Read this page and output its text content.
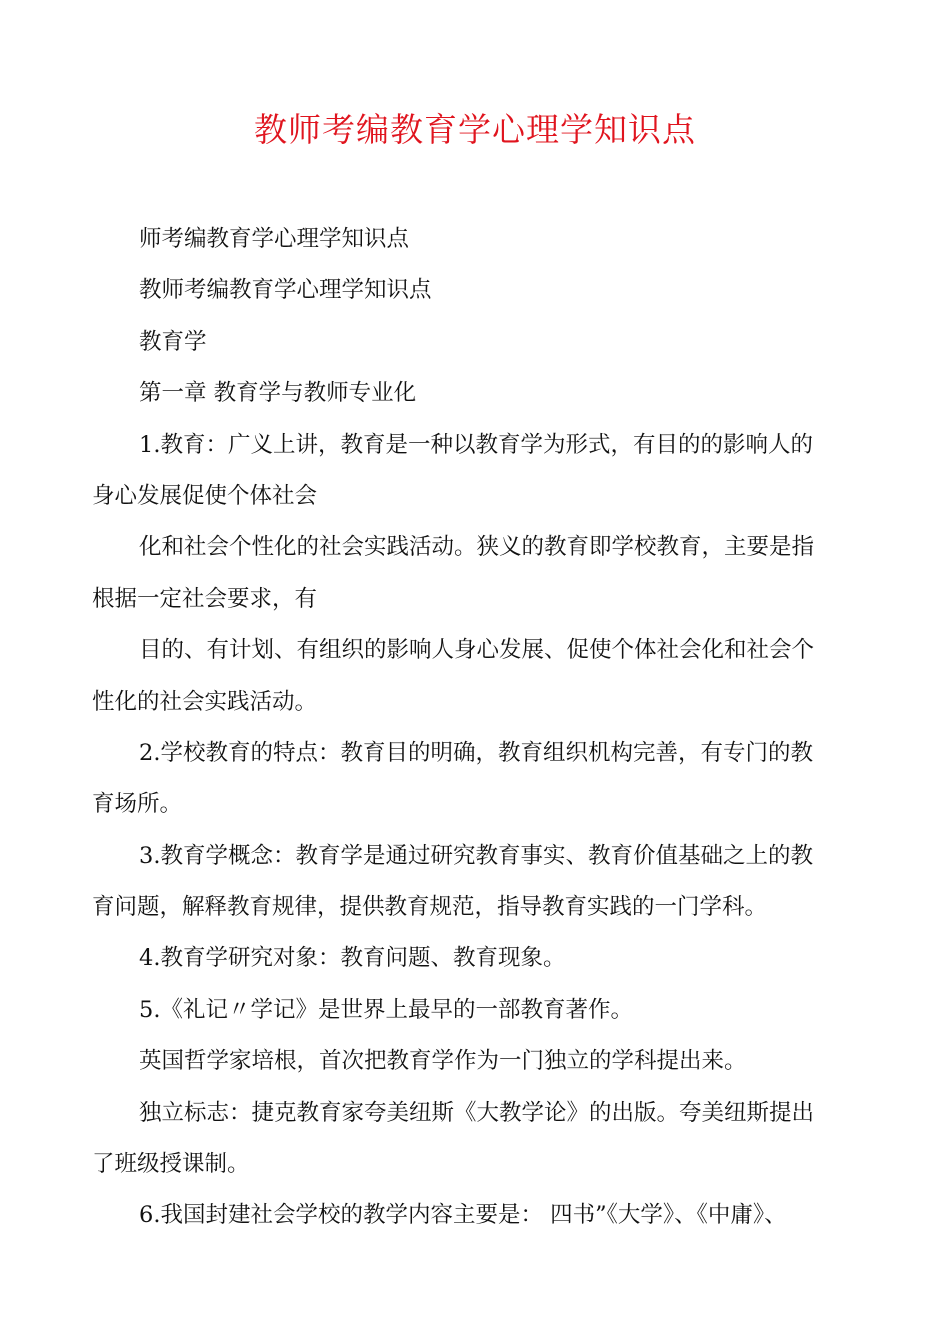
教师考编教育学心理学知识点
师考编教育学心理学知识点
教师考编教育学心理学知识点
教育学
第一章 教育学与教师专业化
1.教育：广义上讲，教育是一种以教育学为形式，有目的的影响人的
身心发展促使个体社会
化和社会个性化的社会实践活动。狭义的教育即学校教育，主要是指
根据一定社会要求，有
目的、有计划、有组织的影响人身心发展、促使个体社会化和社会个
性化的社会实践活动。
2.学校教育的特点：教育目的明确，教育组织机构完善，有专门的教
育场所。
3.教育学概念：教育学是通过研究教育事实、教育价值基础之上的教
育问题，解释教育规律，提供教育规范，指导教育实践的一门学科。
4.教育学研究对象：教育问题、教育现象。
5.《礼记〃学记》是世界上最早的一部教育著作。
英国哲学家培根，首次把教育学作为一门独立的学科提出来。
独立标志：捷克教育家夸美纽斯《大教学论》的出版。夸美纽斯提出
了班级授课制。
6.我国封建社会学校的教学内容主要是： 四书”《大学》、《中庸》、
